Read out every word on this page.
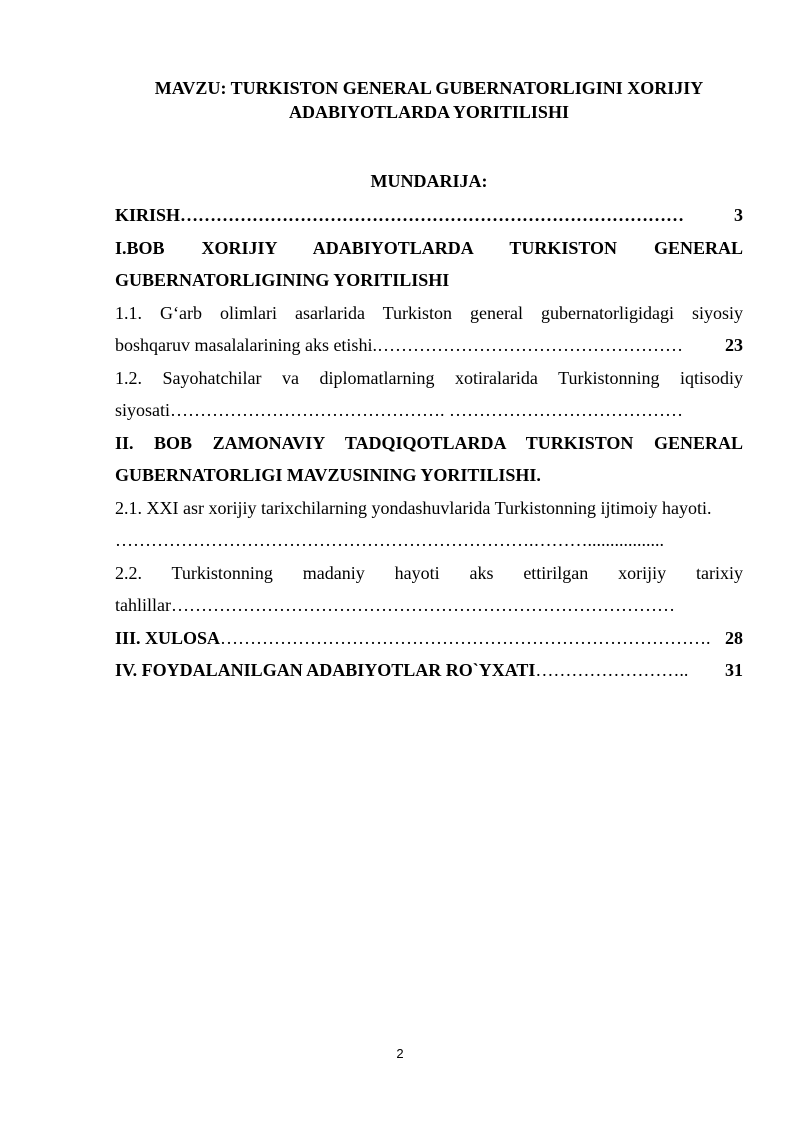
MAVZU: TURKISTON GENERAL GUBERNATORLIGINI XORIJIY
ADABIYOTLARDA YORITILISHI
MUNDARIJA:
KIRISH …………………………………………………………………………	3
I.BOB XORIJIY ADABIYOTLARDA TURKISTON GENERAL
GUBERNATORLIGINING YORITILISHI
1.1. G‘arb olimlari asarlarida Turkiston general gubernatorligidagi siyosiy
boshqaruv masalalarining aks etishi. ……………………………………………	23
1.2. Sayohatchilar va diplomatlarning xotiralarida Turkistonning iqtisodiy
siyosati………………………………………. …………………………………
II. BOB ZAMONAVIY TADQIQOTLARDA TURKISTON GENERAL
GUBERNATORLIGI MAVZUSINING YORITILISHI.
2.1. XXI asr xorijiy tarixchilarning yondashuvlarida Turkistonning ijtimoiy hayoti.
…………………………………………………………….……….................
2.2. Turkistonning madaniy hayoti aks ettirilgan xorijiy tarixiy
tahlillar…………………………………………………………………………
III. XULOSA ………………………………………………………………………. 28
IV. FOYDALANILGAN ADABIYOTLAR RO`YXATI ……………………..	31
2
